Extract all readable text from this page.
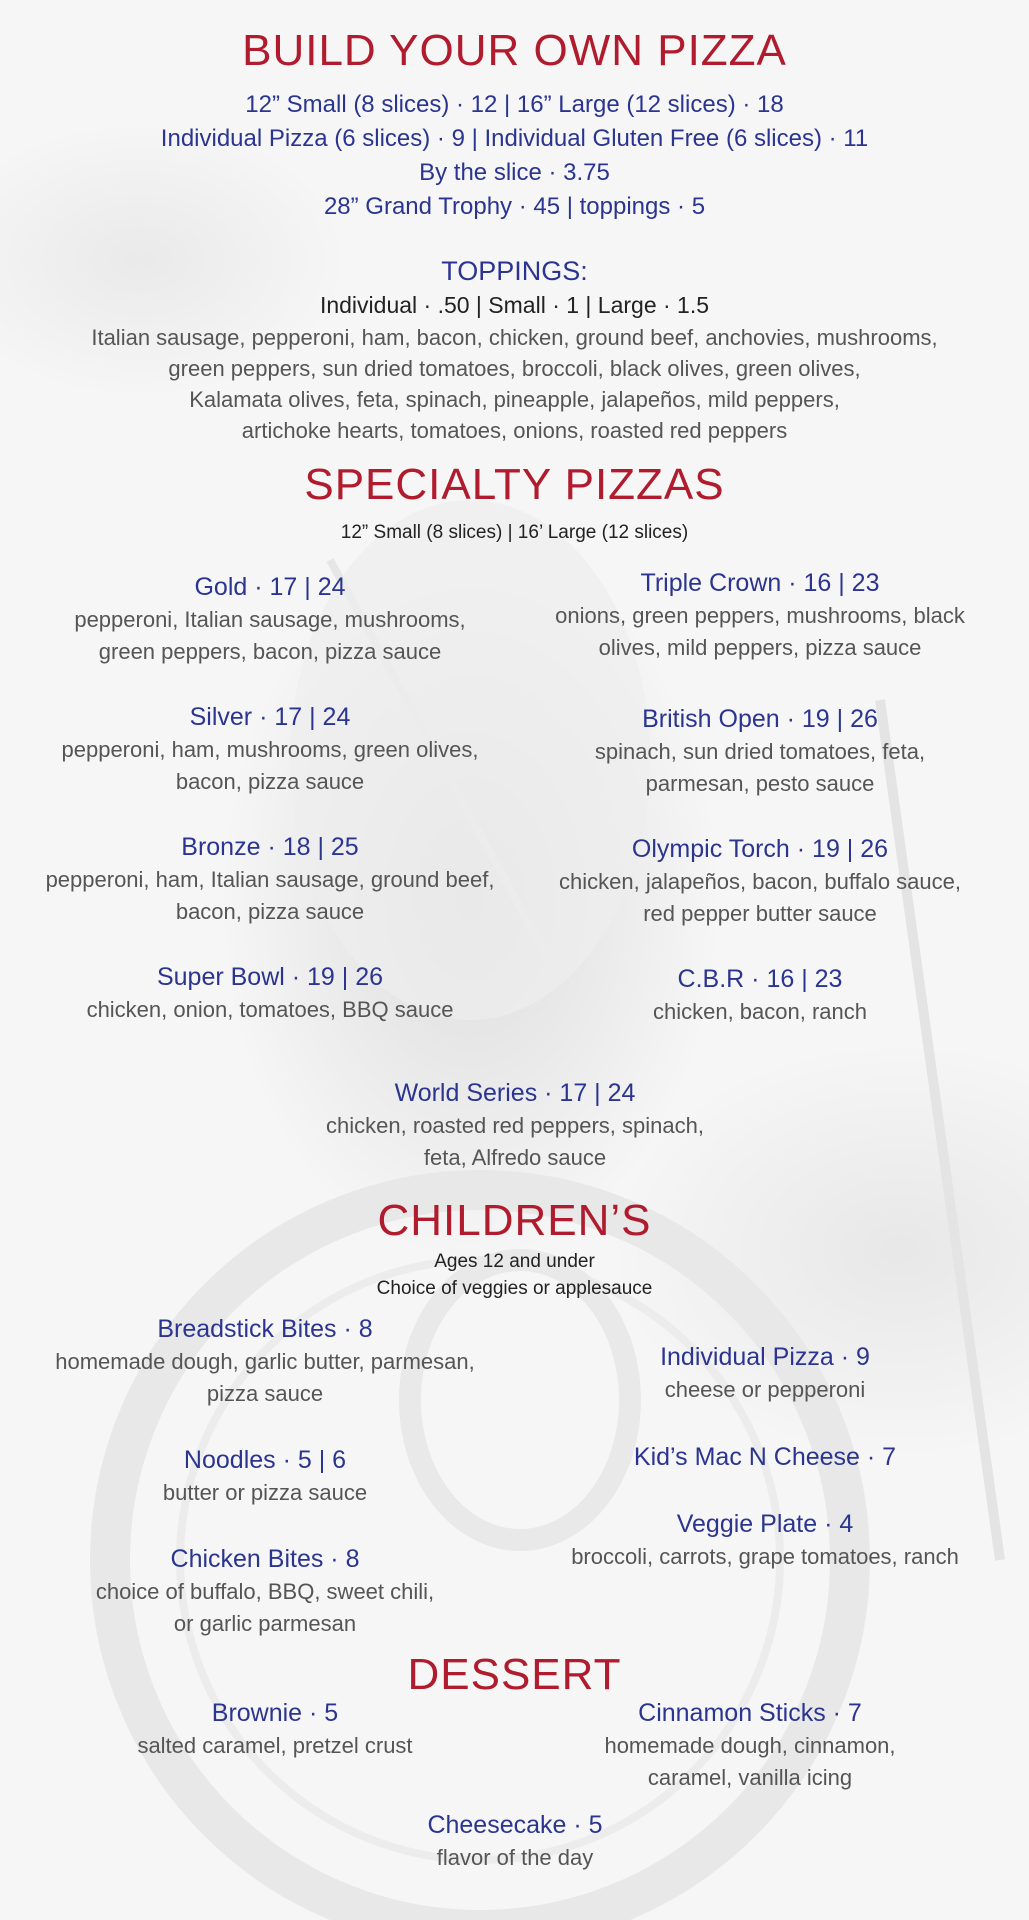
BUILD YOUR OWN PIZZA
12” Small (8 slices) · 12 | 16” Large (12 slices) · 18
Individual Pizza (6 slices) · 9 | Individual Gluten Free (6 slices) · 11
By the slice · 3.75
28” Grand Trophy · 45 | toppings · 5
TOPPINGS:
Individual · .50 | Small · 1 | Large · 1.5
Italian sausage, pepperoni, ham, bacon, chicken, ground beef, anchovies, mushrooms,
green peppers, sun dried tomatoes, broccoli, black olives, green olives,
Kalamata olives, feta, spinach, pineapple, jalapeños, mild peppers,
artichoke hearts, tomatoes, onions, roasted red peppers
SPECIALTY PIZZAS
12” Small (8 slices) | 16’ Large (12 slices)
Gold · 17 | 24
pepperoni, Italian sausage, mushrooms,
green peppers, bacon, pizza sauce
Silver · 17 | 24
pepperoni, ham, mushrooms, green olives,
bacon, pizza sauce
Bronze · 18 | 25
pepperoni, ham, Italian sausage, ground beef,
bacon, pizza sauce
Super Bowl · 19 | 26
chicken, onion, tomatoes, BBQ sauce
Triple Crown · 16 | 23
onions, green peppers, mushrooms, black
olives, mild peppers, pizza sauce
British Open · 19 | 26
spinach, sun dried tomatoes, feta,
parmesan, pesto sauce
Olympic Torch · 19 | 26
chicken, jalapeños, bacon, buffalo sauce,
red pepper butter sauce
C.B.R · 16 | 23
chicken, bacon, ranch
World Series · 17 | 24
chicken, roasted red peppers, spinach,
feta, Alfredo sauce
CHILDREN’S
Ages 12 and under
Choice of veggies or applesauce
Breadstick Bites · 8
homemade dough, garlic butter, parmesan,
pizza sauce
Noodles · 5 | 6
butter or pizza sauce
Chicken Bites · 8
choice of buffalo, BBQ, sweet chili,
or garlic parmesan
Individual Pizza · 9
cheese or pepperoni
Kid’s Mac N Cheese · 7
Veggie Plate · 4
broccoli, carrots, grape tomatoes, ranch
DESSERT
Brownie · 5
salted caramel, pretzel crust
Cinnamon Sticks · 7
homemade dough, cinnamon,
caramel, vanilla icing
Cheesecake · 5
flavor of the day
